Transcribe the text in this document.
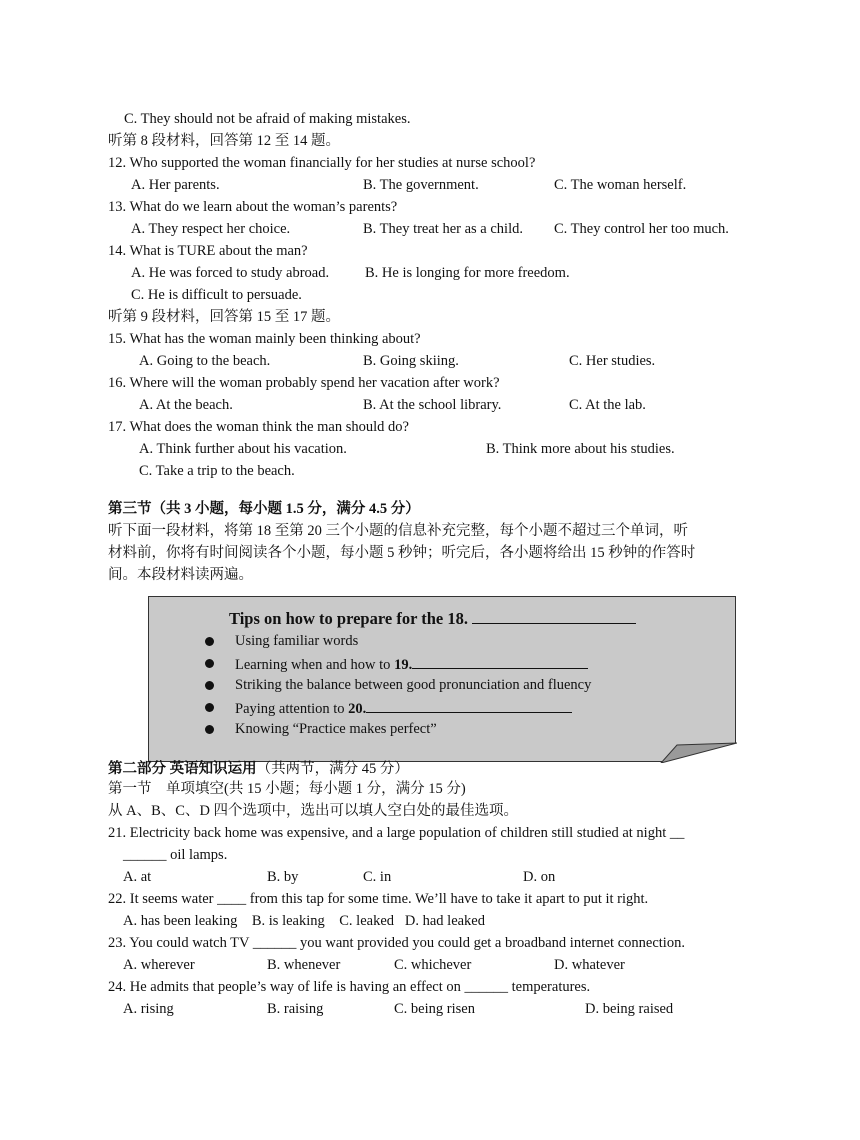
C. They should not be afraid of making mistakes.
听第 8 段材料，回答第 12 至 14 题。
12. Who supported the woman financially for her studies at nurse school?
A. Her parents.	B. The government.	C. The woman herself.
13. What do we learn about the woman’s parents?
A. They respect her choice.	B. They treat her as a child. C. They control her too much.
14. What is TURE about the man?
A. He was forced to study abroad. B. He is longing for more freedom.
C. He is difficult to persuade.
听第 9 段材料，回答第 15 至 17 题。
15. What has the woman mainly been thinking about?
A. Going to the beach.	B. Going skiing.	C. Her studies.
16. Where will the woman probably spend her vacation after work?
A. At the beach.	B. At the school library.	C. At the lab.
17. What does the woman think the man should do?
A. Think further about his vacation.	B. Think more about his studies.
C. Take a trip to the beach.
第三节（共 3 小题，每小题 1.5 分，满分 4.5 分）
听下面一段材料，将第 18 至第 20 三个小题的信息补充完整，每个小题不超过三个单词，听
材料前，你将有时间阅读各个小题，每小题 5 秒钟；听完后，各小题将给出 15 秒钟的作答时
间。本段材料读两遍。
Tips on how to prepare for the 18.
Using familiar words
Learning when and how to 19.
Striking the balance between good pronunciation and fluency
Paying attention to 20.
Knowing “Practice makes perfect”
第二部分 英语知识运用（共两节，满分 45 分）
第一节　单项填空(共 15 小题；每小题 1 分，满分 15 分)
从 A、B、C、D 四个选项中，选出可以填人空白处的最佳选项。
21. Electricity back home was expensive, and a large population of children still studied at night __
______ oil lamps.
A. at	B. by	C. in	D. on
22. It seems water ____ from this tap for some time. We’ll have to take it apart to put it right.
A. has been leaking    B. is leaking    C. leaked   D. had leaked
23. You could watch TV ______ you want provided you could get a broadband internet connection.
A. wherever	B. whenever	C. whichever	D. whatever
24. He admits that people’s way of life is having an effect on ______ temperatures.
A. rising	B. raising	C. being risen	D. being raised
